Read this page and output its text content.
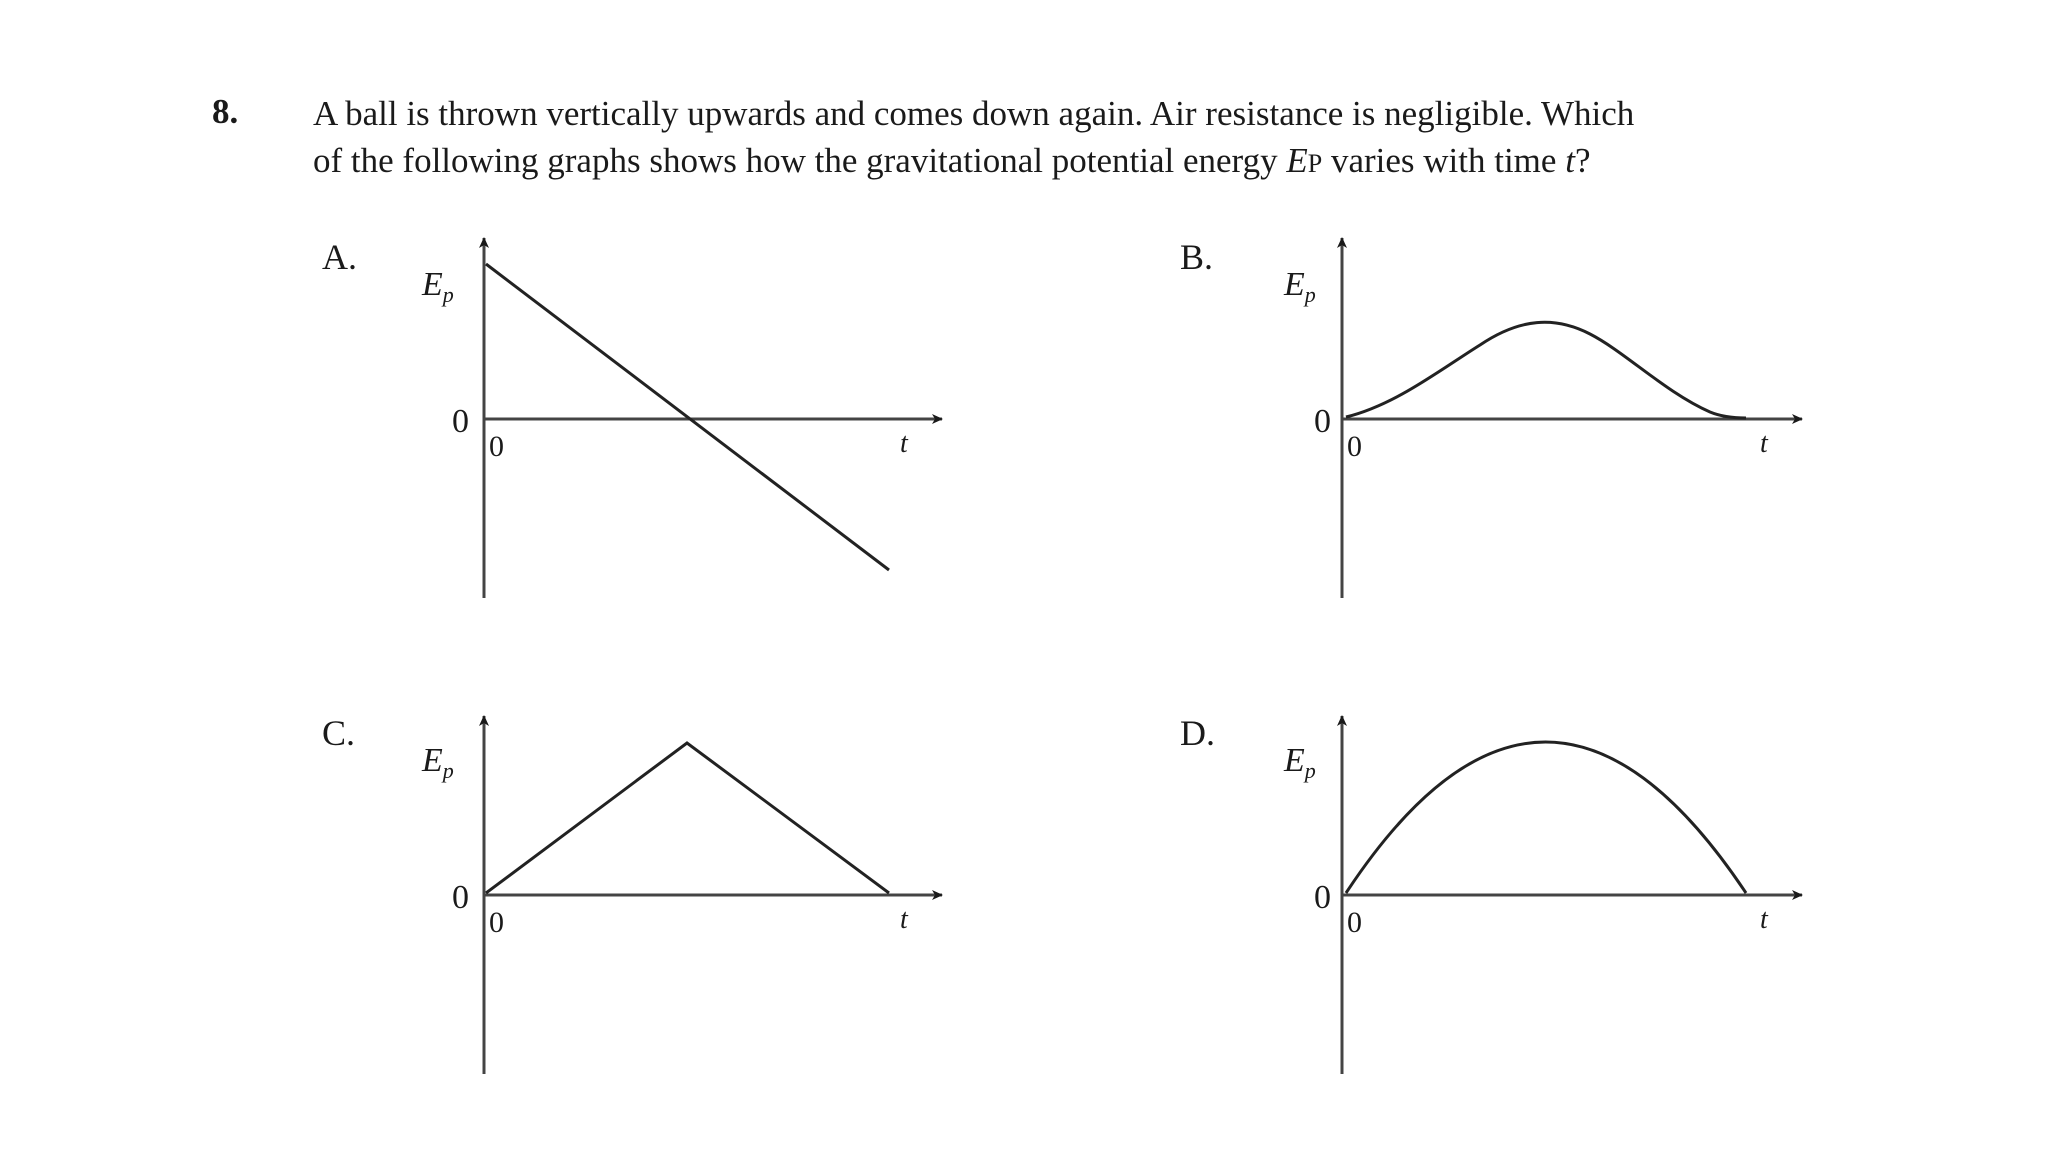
8. A ball is thrown vertically upwards and comes down again. Air resistance is negligible. Which
of the following graphs shows how the gravitational potential energy EP varies with time t?
A.	B.
C.	D.
$E_p$
0
0	t
$E_p$
0
0	t
$E_p$
0
0	t
$E_p$
0
0	t
